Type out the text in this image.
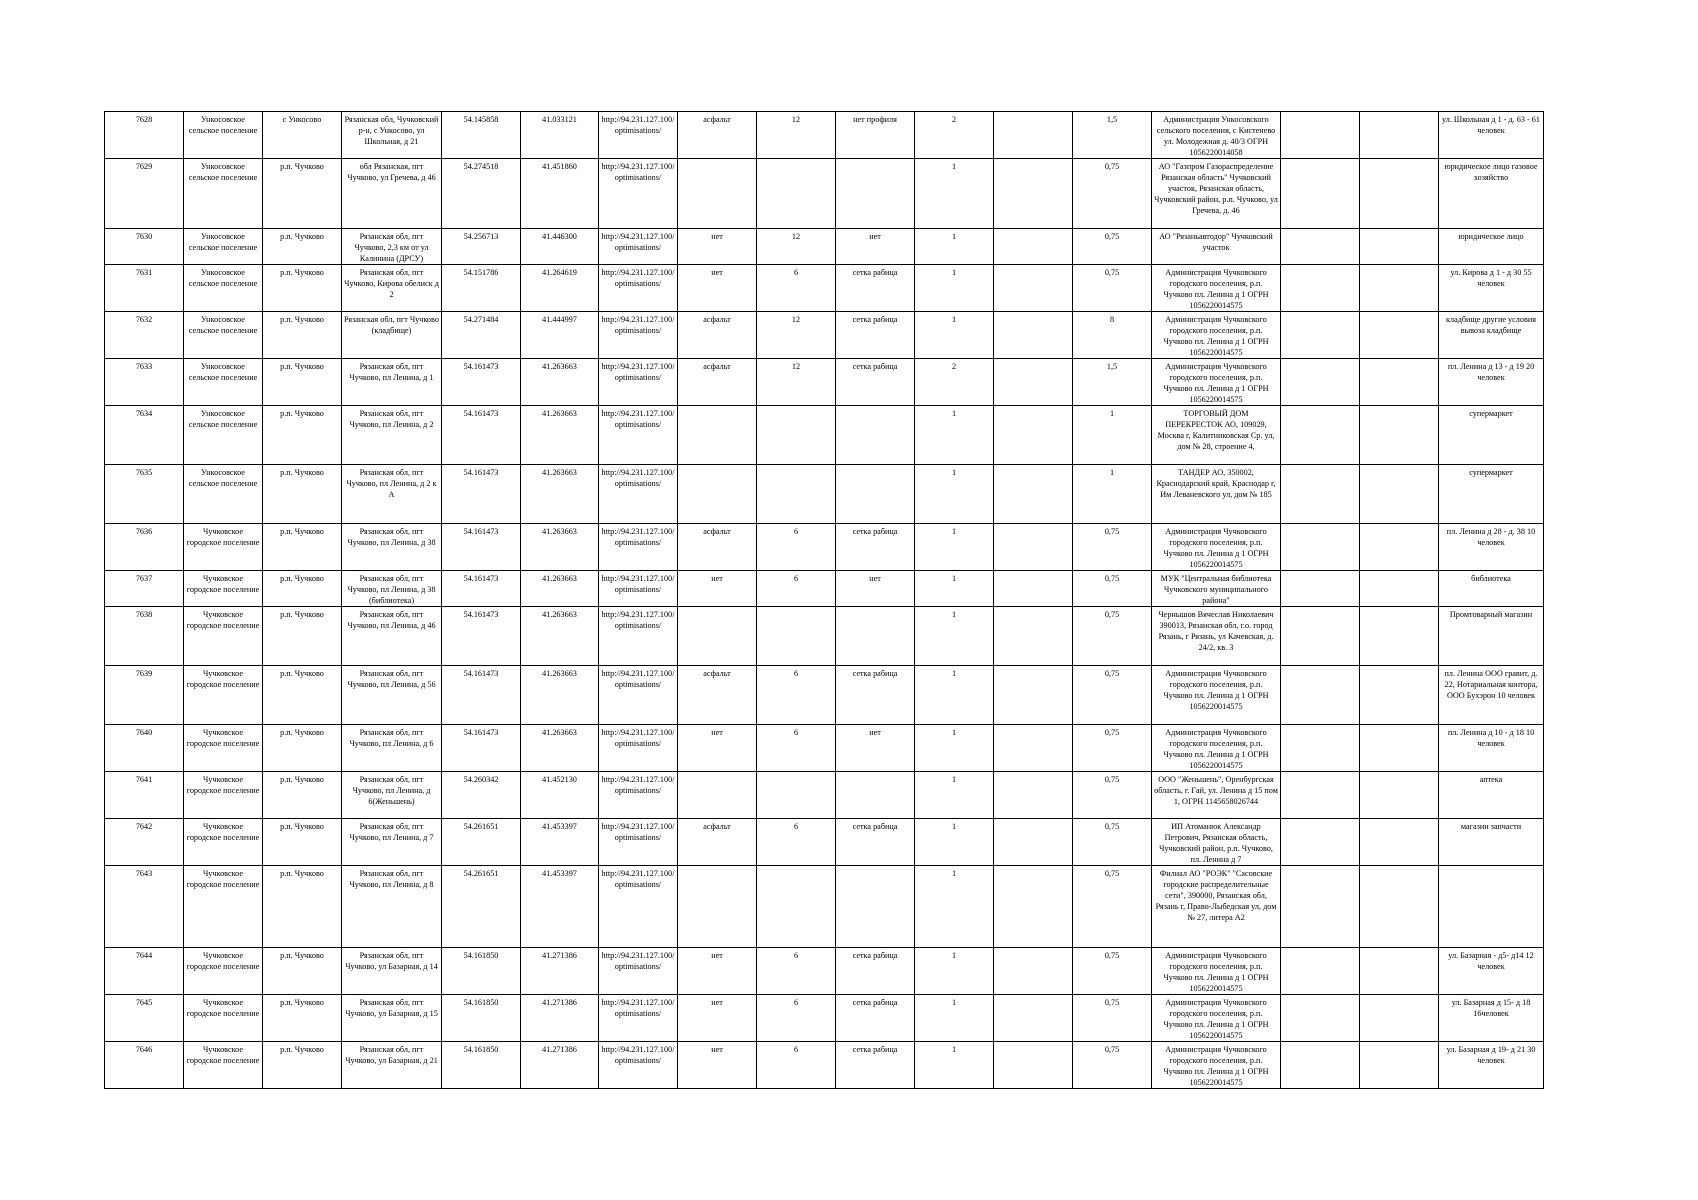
7628	Ункосовское сельское поселение	с Ункосово	Рязанская обл, Чучковский р-н, с Ункосово, ул Школьная, д 21	54.145858	41.033121	http://94.231.127.100/optimisations/	асфальт	12	нет профиля	2		1,5	Администрация Ункосовского сельского поселения, с Кистенево ул. Молодежная д. 40/3 ОГРН 1056220014058			ул. Школьная д 1 - д. 63 - 61 человек
7629	Ункосовское сельское поселение	р.п. Чучково	обл Рязанская, пгт Чучково, ул Гречева, д 46	54.274518	41.451860	http://94.231.127.100/optimisations/				1		0,75	АО "Газпром Газораспределение Рязанская область" Чучковский участок, Рязанская область, Чучковский район, р.п. Чучково, ул Гречева, д. 46			юридическое лицо газовое хозяйство
7630	Ункосовское сельское поселение	р.п. Чучково	Рязанская обл, пгт Чучково, 2,3 км от ул Калинина (ДРСУ)	54.256713	41.446300	http://94.231.127.100/optimisations/	нет	12	нет	1		0,75	АО "Рязаньавтодор" Чучковский участок			юридическое лицо
7631	Ункосовское сельское поселение	р.п. Чучково	Рязанская обл, пгт Чучково, Кирова обелиск д 2	54.151786	41.264619	http://94.231.127.100/optimisations/	нет	6	сетка рабица	1		0,75	Администрация Чучковского городского поселения, р.п. Чучково пл. Ленина д 1 ОГРН 1056220014575			ул. Кирова д 1 - д 30 55 человек
7632	Ункосовское сельское поселение	р.п. Чучково	Рязанская обл, пгт Чучково (кладбище)	54.271484	41.444997	http://94.231.127.100/optimisations/	асфальт	12	сетка рабица	1		8	Администрация Чучковского городского поселения, р.п. Чучково пл. Ленина д 1 ОГРН 1056220014575			кладбище другие условия вывоза кладбище
7633	Ункосовское сельское поселение	р.п. Чучково	Рязанская обл, пгт Чучково, пл Ленина, д 1	54.161473	41.263663	http://94.231.127.100/optimisations/	асфальт	12	сетка рабица	2		1,5	Администрация Чучковского городского поселения, р.п. Чучково пл. Ленина д 1 ОГРН 1056220014575			пл. Ленина д 13 - д 19 20 человек
7634	Ункосовское сельское поселение	р.п. Чучково	Рязанская обл, пгт Чучково, пл Ленина, д 2	54.161473	41.263663	http://94.231.127.100/optimisations/				1		1	ТОРГОВЫЙ ДОМ ПЕРЕКРЕСТОК АО, 109029, Москва г, Калитниковская Ср. ул, дом № 28, строение 4,			супермаркет
7635	Ункосовское сельское поселение	р.п. Чучково	Рязанская обл, пгт Чучково, пл Ленина, д 2 к А	54.161473	41.263663	http://94.231.127.100/optimisations/				1		1	ТАНДЕР АО, 350002, Краснодарский край, Краснодар г, Им Леваневского ул, дом № 185			супермаркет
7636	Чучковское городское поселение	р.п. Чучково	Рязанская обл, пгт Чучково, пл Ленина, д 38	54.161473	41.263663	http://94.231.127.100/optimisations/	асфальт	6	сетка рабица	1		0,75	Администрация Чучковского городского поселения, р.п. Чучково пл. Ленина д 1 ОГРН 1056220014575			пл. Ленина д 28 - д. 38 10 человек
7637	Чучковское городское поселение	р.п. Чучково	Рязанская обл, пгт Чучково, пл Ленина, д 38 (библиотека)	54.161473	41.263663	http://94.231.127.100/optimisations/	нет	6	нет	1		0,75	МУК "Центральная библиотека Чучковского муниципального района"			библиотека
7638	Чучковское городское поселение	р.п. Чучково	Рязанская обл, пгт Чучково, пл Ленина, д 46	54.161473	41.263663	http://94.231.127.100/optimisations/				1		0,75	Чернышов Вячеслав Николаевич 390013, Рязанская обл, г.о. город Рязань, г Рязань, ул Качевская, д. 24/2, кв. 3			Промтоварный магазин
7639	Чучковское городское поселение	р.п. Чучково	Рязанская обл, пгт Чучково, пл Ленина, д 56	54.161473	41.263663	http://94.231.127.100/optimisations/	асфальт	6	сетка рабица	1		0,75	Администрация Чучковского городского поселения, р.п. Чучково пл. Ленина д 1 ОГРН 1056220014575			пл. Ленина ООО гравит, д. 22, Нотариальная контора, ООО Бухэрон 10 человек
7640	Чучковское городское поселение	р.п. Чучково	Рязанская обл, пгт Чучково, пл Ленина, д 6	54.161473	41.263663	http://94.231.127.100/optimisations/	нет	6	нет	1		0,75	Администрация Чучковского городского поселения, р.п. Чучково пл. Ленина д 1 ОГРН 1056220014575			пл. Ленина д 10 - д 18 10 человек
7641	Чучковское городское поселение	р.п. Чучково	Рязанская обл, пгт Чучково, пл Ленина, д 6(Женьшень)	54.260342	41.452130	http://94.231.127.100/optimisations/				1		0,75	ООО "Женьшень", Оренбургская область, г. Гай, ул. Ленина д 15 пом 1, ОГРН 1145658026744			аптека
7642	Чучковское городское поселение	р.п. Чучково	Рязанская обл, пгт Чучково, пл Ленина, д 7	54.261651	41.453397	http://94.231.127.100/optimisations/	асфальт	6	сетка рабица	1		0,75	ИП Атоманюк Александр Петрович, Рязанская область, Чучковский район, р.п. Чучково, пл. Ленина д 7			магазин запчасти
7643	Чучковское городское поселение	р.п. Чучково	Рязанская обл, пгт Чучково, пл Ленина, д 8	54.261651	41.453397	http://94.231.127.100/optimisations/				1		0,75	Филиал АО "РОЭК" "Сасовские городские распределительные сети", 390000, Рязанская обл, Рязань г, Право-Лыбедская ул, дом № 27, литера А2			
7644	Чучковское городское поселение	р.п. Чучково	Рязанская обл, пгт Чучково, ул Базарная, д 14	54.161850	41.271386	http://94.231.127.100/optimisations/	нет	6	сетка рабица	1		0,75	Администрация Чучковского городского поселения, р.п. Чучково пл. Ленина д 1 ОГРН 1056220014575			ул. Базарная - д5- д14 12 человек
7645	Чучковское городское поселение	р.п. Чучково	Рязанская обл, пгт Чучково, ул Базарная, д 15	54.161850	41.271386	http://94.231.127.100/optimisations/	нет	6	сетка рабица	1		0,75	Администрация Чучковского городского поселения, р.п. Чучково пл. Ленина д 1 ОГРН 1056220014575			ул. Базарная д 15- д 18 16человек
7646	Чучковское городское поселение	р.п. Чучково	Рязанская обл, пгт Чучково, ул Базарная, д 21	54.161850	41.271386	http://94.231.127.100/optimisations/	нет	6	сетка рабица	1		0,75	Администрация Чучковского городского поселения, р.п. Чучково пл. Ленина д 1 ОГРН 1056220014575			ул. Базарная д 19- д 21 30 человек
